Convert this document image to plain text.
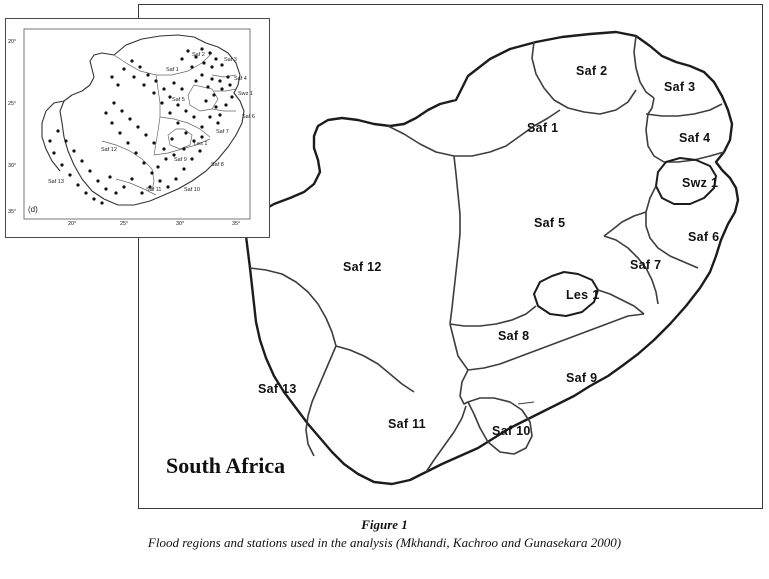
Saf 2
Saf 3
Saf 1
Saf 4
Swz 1
Saf 5
Saf 6
Saf 7
Les 1
Saf 12
Saf 8
Saf 9
Saf 13
Saf 11	Saf 10
South Africa
Saf 2
Saf 3
Saf 1
Saf 4
Swz 1
Saf 5
Saf 6
Saf 7
Les 1
Saf 9
Saf 12
Saf 8
Saf 11	Saf 10
Saf 13
20°
25°
30°
35°
20°	25°	30°	35°
(d)
Figure 1
Flood regions and stations used in the analysis (Mkhandi, Kachroo and Gunasekara 2000)
